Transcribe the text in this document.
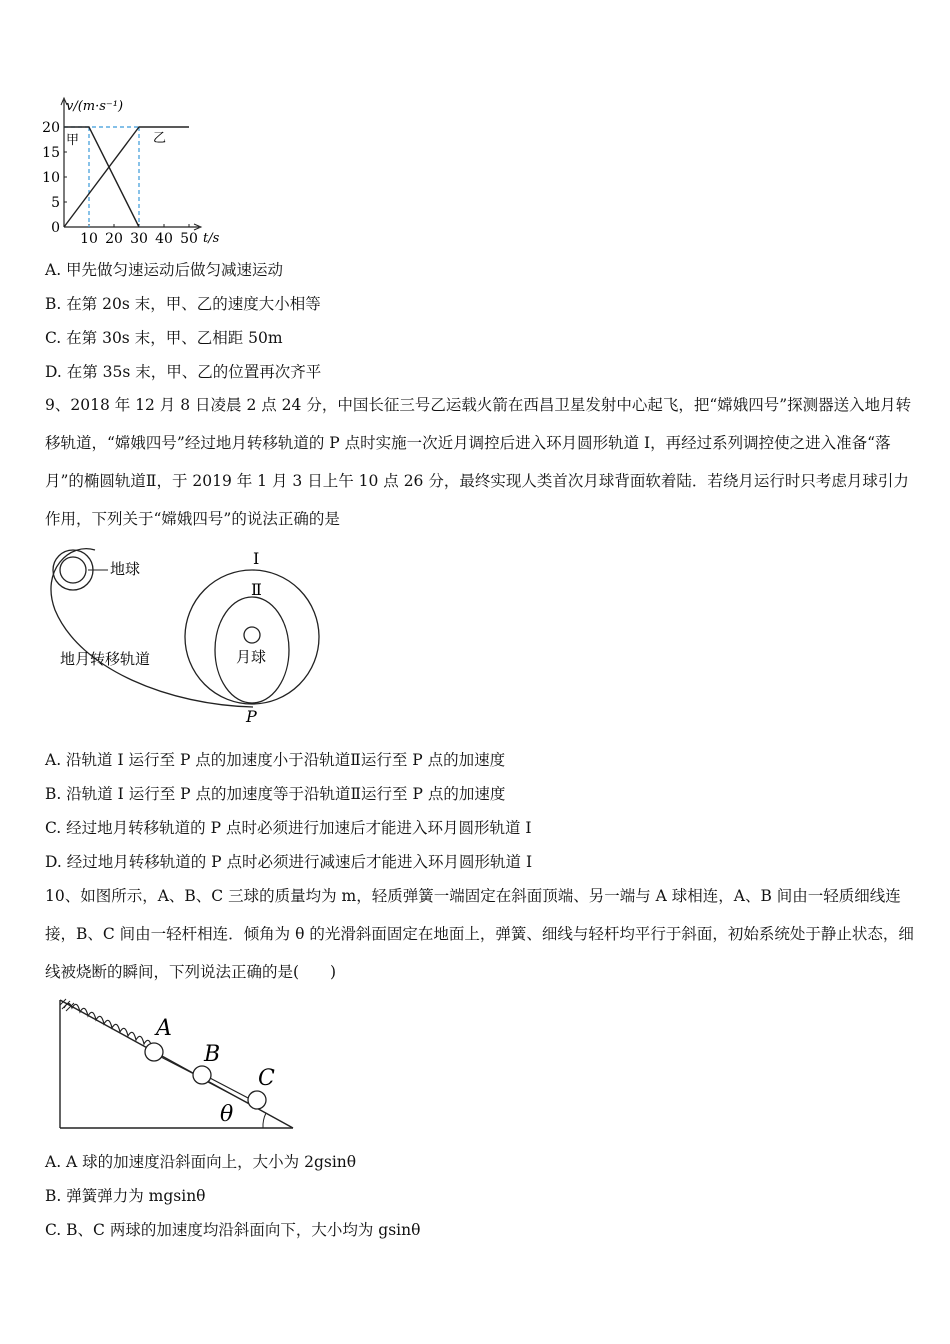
0
5
10
15
20
10 20 30 40 50
v/(m·s⁻¹)
t/s
甲	乙
A. 甲先做匀速运动后做匀减速运动
B. 在第 20s 末，甲、乙的速度大小相等
C. 在第 30s 末，甲、乙相距 50m
D. 在第 35s 末，甲、乙的位置再次齐平
9、2018 年 12 月 8 日凌晨 2 点 24 分，中国长征三号乙运载火箭在西昌卫星发射中心起飞，把“嫦娥四号”探测器送入地月转移轨道，“嫦娥四号”经过地月转移轨道的 P 点时实施一次近月调控后进入环月圆形轨道 I，再经过系列调控使之进入准备“落月”的椭圆轨道Ⅱ，于 2019 年 1 月 3 日上午 10 点 26 分，最终实现人类首次月球背面软着陆．若绕月运行时只考虑月球引力作用，下列关于“嫦娥四号”的说法正确的是
地球
地月转移轨道	月球
I
Ⅱ
P
A. 沿轨道 I 运行至 P 点的加速度小于沿轨道Ⅱ运行至 P 点的加速度
B. 沿轨道 I 运行至 P 点的加速度等于沿轨道Ⅱ运行至 P 点的加速度
C. 经过地月转移轨道的 P 点时必须进行加速后才能进入环月圆形轨道 I
D. 经过地月转移轨道的 P 点时必须进行减速后才能进入环月圆形轨道 I
10、如图所示，A、B、C 三球的质量均为 m，轻质弹簧一端固定在斜面顶端、另一端与 A 球相连，A、B 间由一轻质细线连接，B、C 间由一轻杆相连．倾角为 θ 的光滑斜面固定在地面上，弹簧、细线与轻杆均平行于斜面，初始系统处于静止状态，细线被烧断的瞬间，下列说法正确的是(　　)
A
B
C
θ
A. A 球的加速度沿斜面向上，大小为 2gsinθ
B. 弹簧弹力为 mgsinθ
C. B、C 两球的加速度均沿斜面向下，大小均为 gsinθ
